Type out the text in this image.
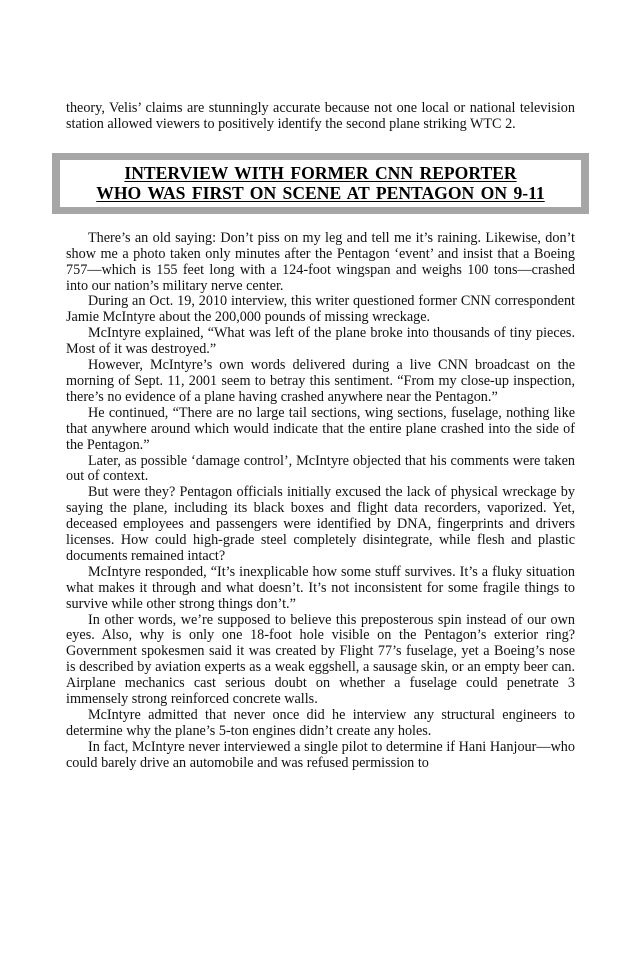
theory, Velis’ claims are stunningly accurate because not one local or national television station allowed viewers to positively identify the second plane striking WTC 2.

INTERVIEW WITH FORMER CNN REPORTER
WHO WAS FIRST ON SCENE AT PENTAGON ON 9-11

There’s an old saying: Don’t piss on my leg and tell me it’s raining. Likewise, don’t show me a photo taken only minutes after the Pentagon ‘event’ and insist that a Boeing 757—which is 155 feet long with a 124-foot wingspan and weighs 100 tons—crashed into our nation’s military nerve center.

During an Oct. 19, 2010 interview, this writer questioned former CNN correspondent Jamie McIntyre about the 200,000 pounds of missing wreckage.

McIntyre explained, “What was left of the plane broke into thousands of tiny pieces. Most of it was destroyed.”

However, McIntyre’s own words delivered during a live CNN broadcast on the morning of Sept. 11, 2001 seem to betray this sentiment. “From my close-up inspection, there’s no evidence of a plane having crashed anywhere near the Pentagon.”

He continued, “There are no large tail sections, wing sections, fuselage, nothing like that anywhere around which would indicate that the entire plane crashed into the side of the Pentagon.”

Later, as possible ‘damage control’, McIntyre objected that his comments were taken out of context.

But were they? Pentagon officials initially excused the lack of physical wreckage by saying the plane, including its black boxes and flight data recorders, vaporized. Yet, deceased employees and passengers were identified by DNA, fingerprints and drivers licenses. How could high-grade steel completely disintegrate, while flesh and plastic documents remained intact?

McIntyre responded, “It’s inexplicable how some stuff survives. It’s a fluky situation what makes it through and what doesn’t. It’s not inconsistent for some fragile things to survive while other strong things don’t.”

In other words, we’re supposed to believe this preposterous spin instead of our own eyes. Also, why is only one 18-foot hole visible on the Pentagon’s exterior ring? Government spokesmen said it was created by Flight 77’s fuselage, yet a Boeing’s nose is described by aviation experts as a weak eggshell, a sausage skin, or an empty beer can. Airplane mechanics cast serious doubt on whether a fuselage could penetrate 3 immensely strong reinforced concrete walls.

McIntyre admitted that never once did he interview any structural engineers to determine why the plane’s 5-ton engines didn’t create any holes.

In fact, McIntyre never interviewed a single pilot to determine if Hani Hanjour—who could barely drive an automobile and was refused permission to
